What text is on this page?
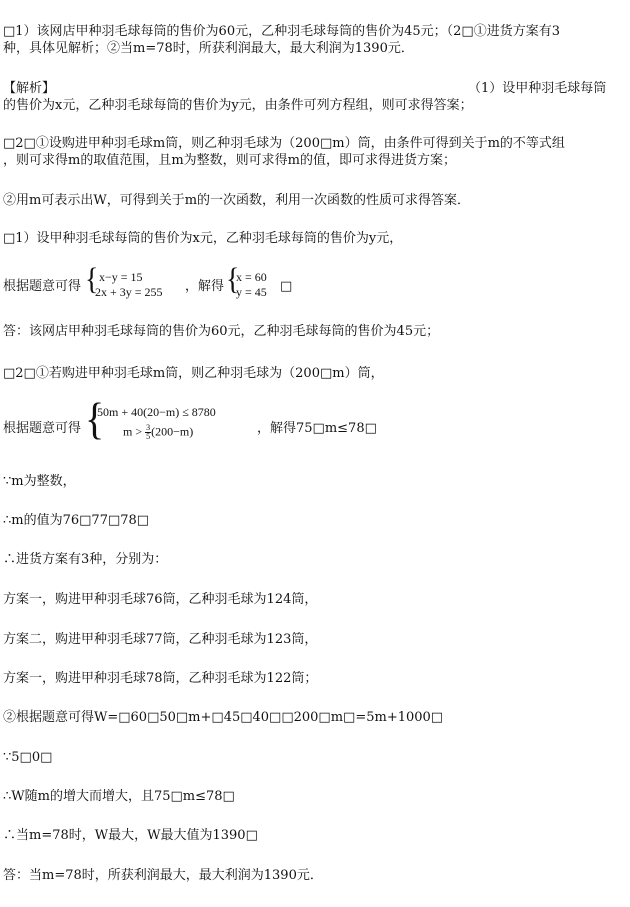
□1）该网店甲种羽毛球每筒的售价为60元，乙种羽毛球每筒的售价为45元；（2□①进货方案有3
种，具体见解析；②当m=78时，所获利润最大，最大利润为1390元．
【解析】	（1）设甲种羽毛球每筒
的售价为x元，乙种羽毛球每筒的售价为y元，由条件可列方程组，则可求得答案；
□2□①设购进甲种羽毛球m筒，则乙种羽毛球为（200□m）筒，由条件可得到关于m的不等式组
，则可求得m的取值范围，且m为整数，则可求得m的值，即可求得进货方案；
②用m可表示出W，可得到关于m的一次函数，利用一次函数的性质可求得答案．
□1）设甲种羽毛球每筒的售价为x元，乙种羽毛球每筒的售价为y元，
根据题意可得 { x−y = 15
2x + 3y = 255 ，解得 {
x = 60
y = 45 □
答：该网店甲种羽毛球每筒的售价为60元，乙种羽毛球每筒的售价为45元；
□2□①若购进甲种羽毛球m筒，则乙种羽毛球为（200□m）筒，
根据题意可得 {
50m + 40(20−m) ≤ 8780
$m > \frac{3}{5} (200-m)$	，解得75□m≤78□
∵m为整数，
∴m的值为76□77□78□
∴进货方案有3种，分别为：
方案一，购进甲种羽毛球76筒，乙种羽毛球为124筒，
方案二，购进甲种羽毛球77筒，乙种羽毛球为123筒，
方案一，购进甲种羽毛球78筒，乙种羽毛球为122筒；
②根据题意可得W=□60□50□m+□45□40□□200□m□=5m+1000□
∵5□0□
∴W随m的增大而增大，且75□m≤78□
∴当m=78时，W最大，W最大值为1390□
答：当m=78时，所获利润最大，最大利润为1390元．
